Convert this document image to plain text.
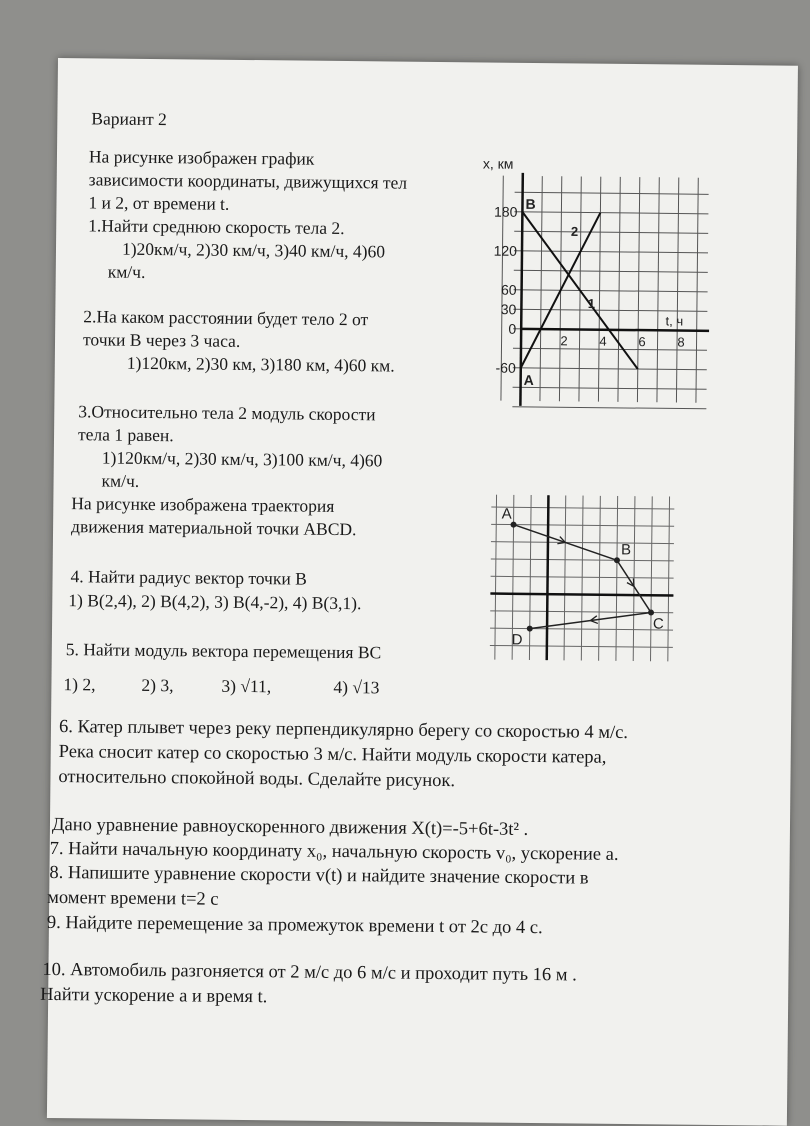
Вариант 2
На рисунке изображен график
зависимости координаты, движущихся тел
1 и 2, от времени t.
1.Найти среднюю скорость тела 2.
1)20км/ч, 2)30 км/ч, 3)40 км/ч, 4)60
км/ч.
2.На каком расстоянии будет тело 2 от
точки В через 3 часа.
1)120км, 2)30 км, 3)180 км, 4)60 км.
3.Относительно тела 2 модуль скорости
тела 1 равен.
1)120км/ч, 2)30 км/ч, 3)100 км/ч, 4)60
км/ч.
На рисунке изображена траектория
движения материальной точки ABCD.
4. Найти радиус вектор точки В
1) В(2,4), 2) В(4,2), 3) В(4,-2), 4) В(3,1).
5. Найти модуль вектора перемещения ВС
1) 2,	2) 3,	3) √11,	4) √13
6. Катер плывет через реку перпендикулярно берегу со скоростью 4 м/с.
Река сносит катер со скоростью 3 м/с. Найти модуль скорости катера,
относительно спокойной воды. Сделайте рисунок.
Дано уравнение равноускоренного движения X(t)=-5+6t-3t² .
7. Найти начальную координату x₀, начальную скорость v₀, ускорение а.
8. Напишите уравнение скорости v(t) и найдите значение скорости в
момент времени t=2 с
9. Найдите перемещение за промежуток времени t от 2с до 4 с.
10. Автомобиль разгоняется от 2 м/с до 6 м/с и проходит путь 16 м .
Найти ускорение а и время t.
x, км
t, ч
180
120
60
30
0
-60
2 4 6 8
B
A
1
2
A
B
C
D
